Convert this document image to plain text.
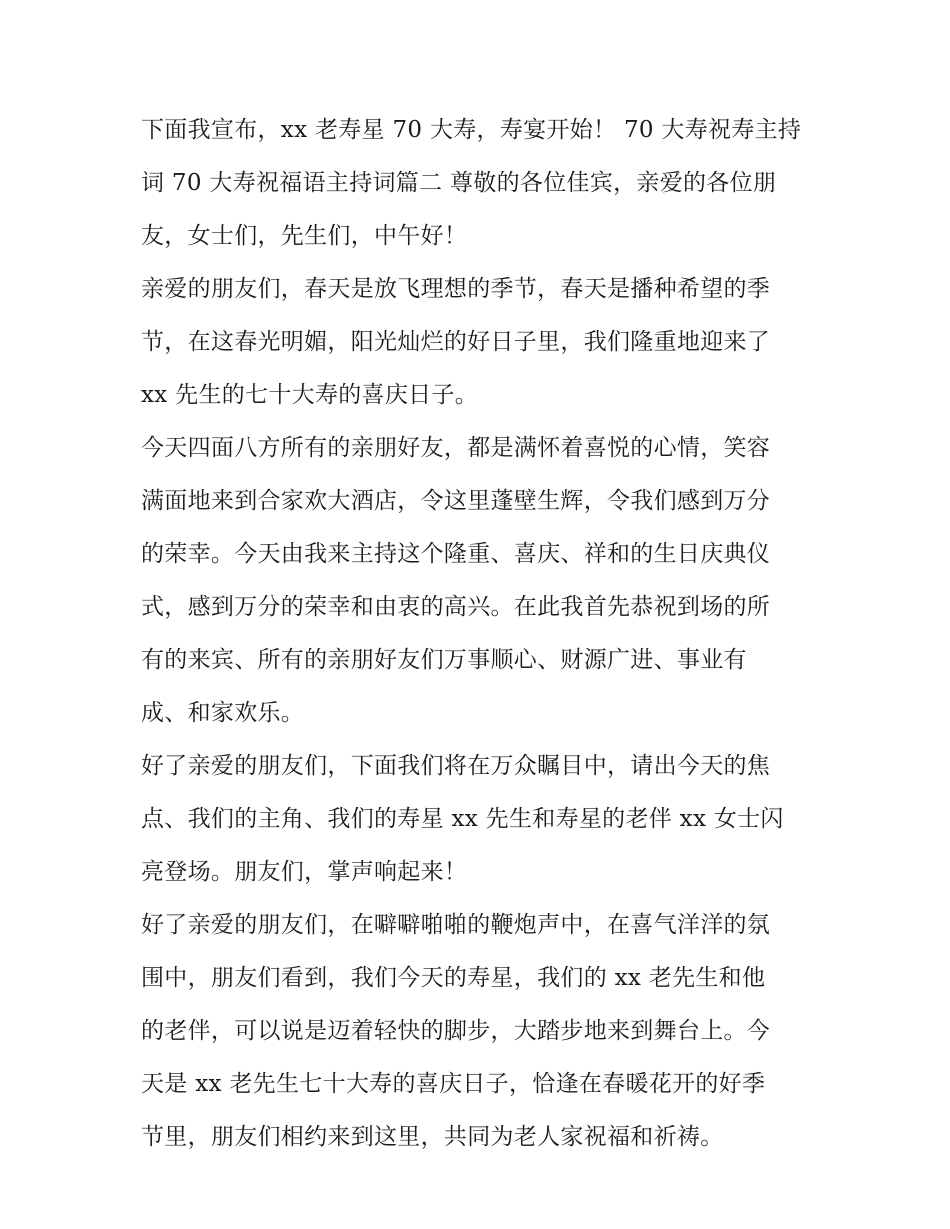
下面我宣布，xx 老寿星 70 大寿，寿宴开始！ 70 大寿祝寿主持
词 70 大寿祝福语主持词篇二 尊敬的各位佳宾，亲爱的各位朋
友，女士们，先生们，中午好！

亲爱的朋友们，春天是放飞理想的季节，春天是播种希望的季
节，在这春光明媚，阳光灿烂的好日子里，我们隆重地迎来了
xx 先生的七十大寿的喜庆日子。

今天四面八方所有的亲朋好友，都是满怀着喜悦的心情，笑容
满面地来到合家欢大酒店，令这里蓬壁生辉，令我们感到万分
的荣幸。今天由我来主持这个隆重、喜庆、祥和的生日庆典仪
式，感到万分的荣幸和由衷的高兴。在此我首先恭祝到场的所
有的来宾、所有的亲朋好友们万事顺心、财源广进、事业有
成、和家欢乐。

好了亲爱的朋友们，下面我们将在万众瞩目中，请出今天的焦
点、我们的主角、我们的寿星 xx 先生和寿星的老伴 xx 女士闪
亮登场。朋友们，掌声响起来！

好了亲爱的朋友们，在噼噼啪啪的鞭炮声中，在喜气洋洋的氛
围中，朋友们看到，我们今天的寿星，我们的 xx 老先生和他
的老伴，可以说是迈着轻快的脚步，大踏步地来到舞台上。今
天是 xx 老先生七十大寿的喜庆日子，恰逢在春暖花开的好季
节里，朋友们相约来到这里，共同为老人家祝福和祈祷。
